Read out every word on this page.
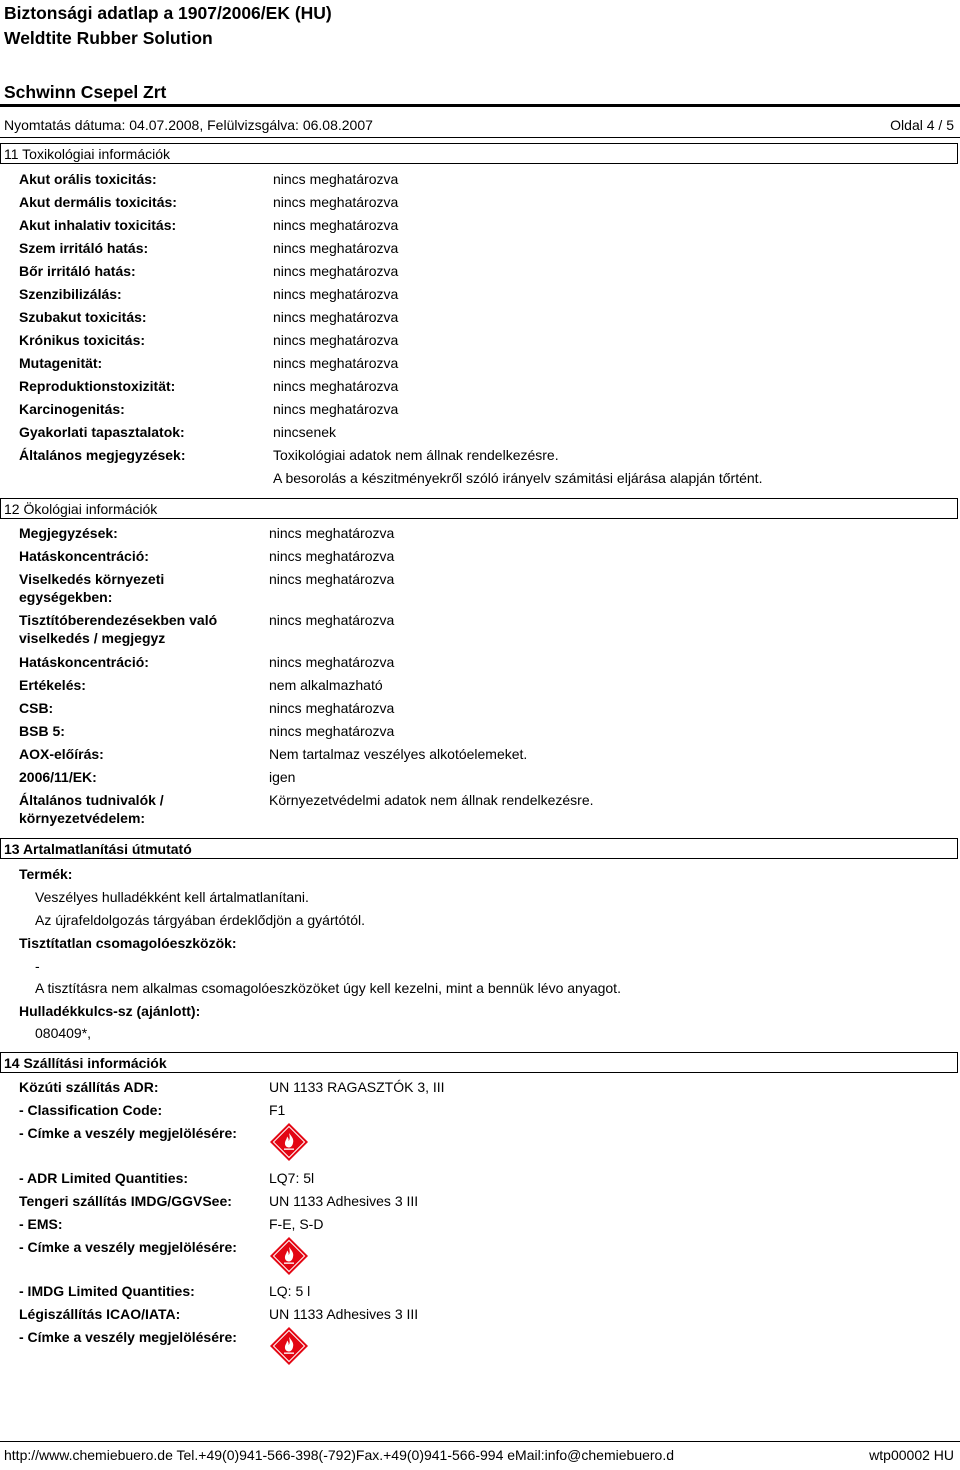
Biztonsági adatlap a 1907/2006/EK (HU)
Weldtite Rubber Solution
Schwinn Csepel Zrt
Nyomtatás dátuma: 04.07.2008, Felülvizsgálva: 06.08.2007	Oldal 4 / 5
11 Toxikológiai információk
Akut orális toxicitás:	nincs meghatározva
Akut dermális toxicitás:	nincs meghatározva
Akut inhalativ toxicitás:	nincs meghatározva
Szem irritáló hatás:	nincs meghatározva
Bőr irritáló hatás:	nincs meghatározva
Szenzibilizálás:	nincs meghatározva
Szubakut toxicitás:	nincs meghatározva
Krónikus toxicitás:	nincs meghatározva
Mutagenität:	nincs meghatározva
Reproduktionstoxizität:	nincs meghatározva
Karcinogenitás:	nincs meghatározva
Gyakorlati tapasztalatok:	nincsenek
Általános megjegyzések:	Toxikológiai adatok nem állnak rendelkezésre.
A besorolás a készitményekről szóló irányelv számitási eljárása alapján tőrtént.
12 Ökológiai információk
Megjegyzések:	nincs meghatározva
Hatáskoncentráció:	nincs meghatározva
Viselkedés környezeti egységekben:
nincs meghatározva
Tisztítóberendezésekben való viselkedés / megjegyz
nincs meghatározva
Hatáskoncentráció:	nincs meghatározva
Ertékelés:	nem alkalmazható
CSB:	nincs meghatározva
BSB 5:	nincs meghatározva
AOX-előírás:	Nem tartalmaz veszélyes alkotóelemeket.
2006/11/EK:	igen
Általános tudnivalók / környezetvédelem:
Környezetvédelmi adatok nem állnak rendelkezésre.
13 Artalmatlanítási útmutató
Termék:
Veszélyes hulladékként kell ártalmatlanítani.
Az újrafeldolgozás tárgyában érdeklődjön a gyártótól.
Tisztítatlan csomagolóeszközök:
-
A tisztításra nem alkalmas csomagolóeszközöket úgy kell kezelni, mint a bennük lévo anyagot.
Hulladékkulcs-sz (ajánlott):
080409*,
14 Szállítási információk
Közúti szállítás ADR:	UN 1133 RAGASZTÓK 3, III
- Classification Code:	F1
- Címke a veszély megjelölésére:
- ADR Limited Quantities:	LQ7: 5l
Tengeri szállítás IMDG/GGVSee:	UN 1133 Adhesives 3 III
- EMS:	F-E, S-D
- Címke a veszély megjelölésére:
- IMDG Limited Quantities:	LQ: 5 l
Légiszállítás ICAO/IATA:	UN 1133 Adhesives 3 III
- Címke a veszély megjelölésére:
http://www.chemiebuero.de Tel.+49(0)941-566-398(-792)Fax.+49(0)941-566-994 eMail:info@chemiebuero.d	wtp00002 HU
